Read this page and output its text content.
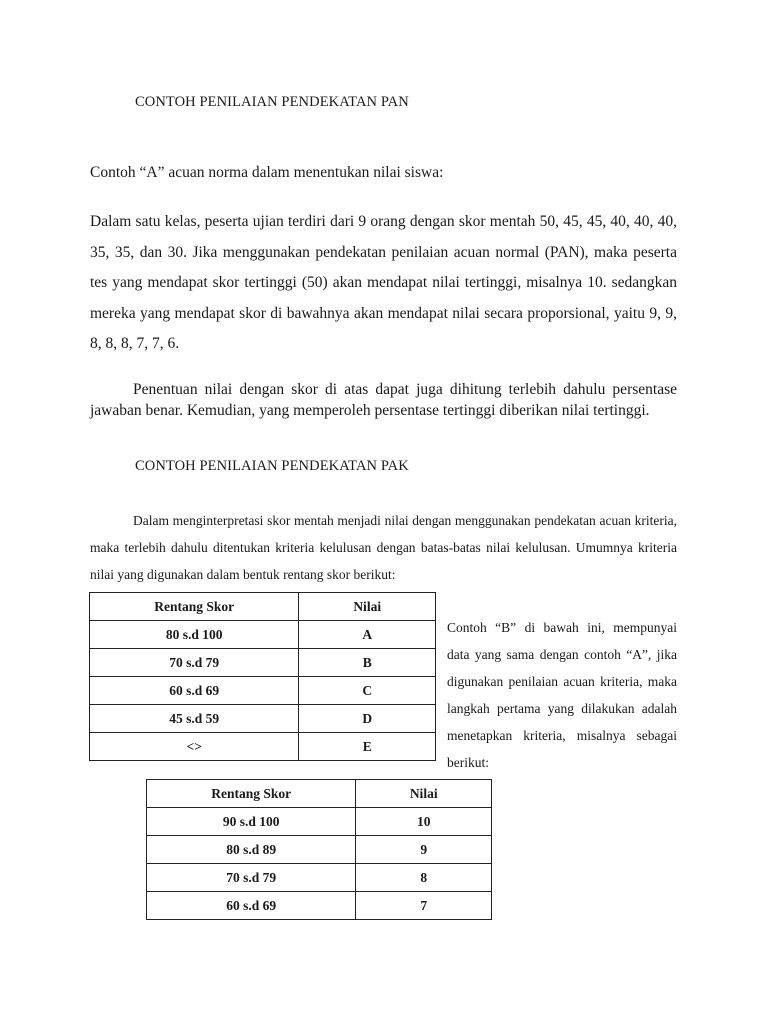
CONTOH PENILAIAN PENDEKATAN PAN
Contoh “A” acuan norma dalam menentukan nilai siswa:
Dalam satu kelas, peserta ujian terdiri dari 9 orang dengan skor mentah 50, 45, 45, 40, 40, 40, 35, 35, dan 30. Jika menggunakan pendekatan penilaian acuan normal (PAN), maka peserta tes yang mendapat skor tertinggi (50) akan mendapat nilai tertinggi, misalnya 10. sedangkan mereka yang mendapat skor di bawahnya akan mendapat nilai secara proporsional, yaitu 9, 9, 8, 8, 8, 7, 7, 6.
Penentuan nilai dengan skor di atas dapat juga dihitung terlebih dahulu persentase jawaban benar. Kemudian, yang memperoleh persentase tertinggi diberikan nilai tertinggi.
CONTOH PENILAIAN PENDEKATAN PAK
Dalam menginterpretasi skor mentah menjadi nilai dengan menggunakan pendekatan acuan kriteria, maka terlebih dahulu ditentukan kriteria kelulusan dengan batas-batas nilai kelulusan. Umumnya kriteria nilai yang digunakan dalam bentuk rentang skor berikut:
Rentang Skor	Nilai
80 s.d 100	A
70 s.d 79	B
60 s.d 69	C
45 s.d 59	D
<>	E
Contoh “B” di bawah ini, mempunyai data yang sama dengan contoh “A”, jika digunakan penilaian acuan kriteria, maka langkah pertama yang dilakukan adalah menetapkan kriteria, misalnya sebagai berikut:
Rentang Skor	Nilai
90 s.d 100	10
80 s.d 89	9
70 s.d 79	8
60 s.d 69	7
